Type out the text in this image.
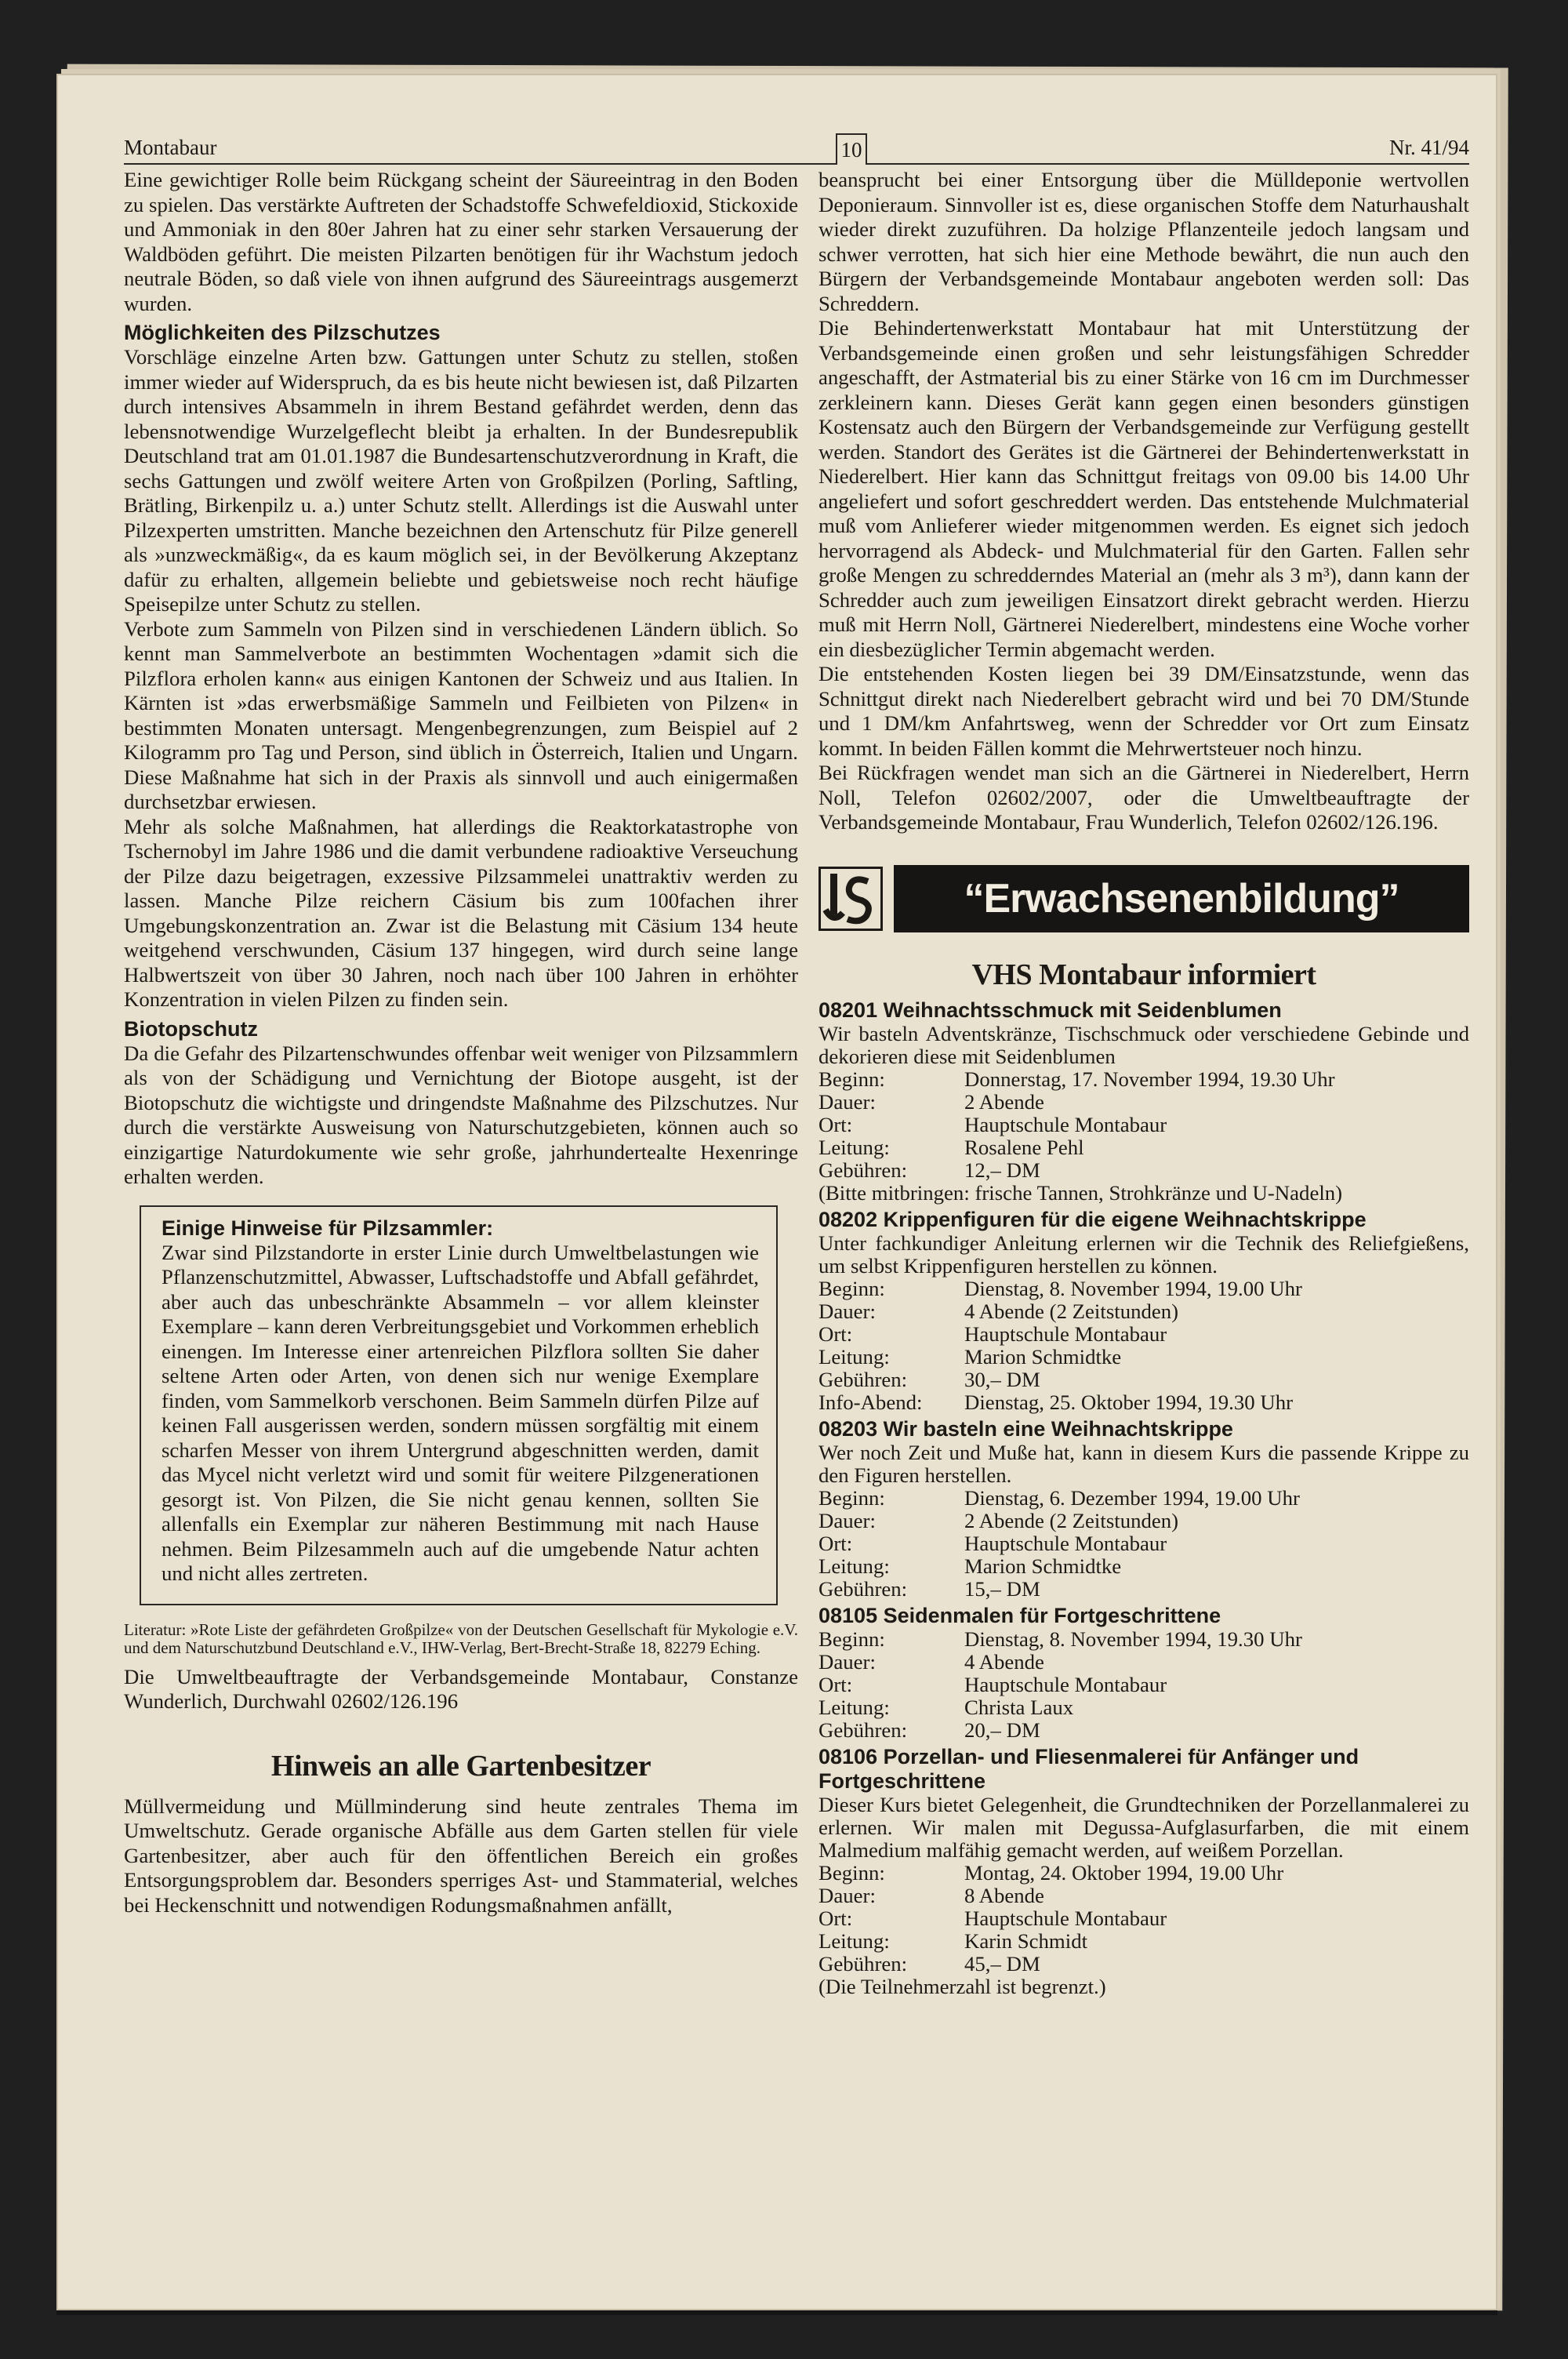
Montabaur	10	Nr. 41/94

Eine gewichtiger Rolle beim Rückgang scheint der Säureeintrag in den Boden zu spielen. Das verstärkte Auftreten der Schadstoffe Schwefeldioxid, Stickoxide und Ammoniak in den 80er Jahren hat zu einer sehr starken Versauerung der Waldböden geführt. Die meisten Pilzarten benötigen für ihr Wachstum jedoch neutrale Böden, so daß viele von ihnen aufgrund des Säureeintrags ausgemerzt wurden.

Möglichkeiten des Pilzschutzes

Vorschläge einzelne Arten bzw. Gattungen unter Schutz zu stellen, stoßen immer wieder auf Widerspruch, da es bis heute nicht bewiesen ist, daß Pilzarten durch intensives Absammeln in ihrem Bestand gefährdet werden, denn das lebensnotwendige Wurzelgeflecht bleibt ja erhalten. In der Bundesrepublik Deutschland trat am 01.01.1987 die Bundesartenschutzverordnung in Kraft, die sechs Gattungen und zwölf weitere Arten von Großpilzen (Porling, Saftling, Brätling, Birkenpilz u. a.) unter Schutz stellt. Allerdings ist die Auswahl unter Pilzexperten umstritten. Manche bezeichnen den Artenschutz für Pilze generell als »unzweckmäßig«, da es kaum möglich sei, in der Bevölkerung Akzeptanz dafür zu erhalten, allgemein beliebte und gebietsweise noch recht häufige Speisepilze unter Schutz zu stellen.

Verbote zum Sammeln von Pilzen sind in verschiedenen Ländern üblich. So kennt man Sammelverbote an bestimmten Wochentagen »damit sich die Pilzflora erholen kann« aus einigen Kantonen der Schweiz und aus Italien. In Kärnten ist »das erwerbsmäßige Sammeln und Feilbieten von Pilzen« in bestimmten Monaten untersagt. Mengenbegrenzungen, zum Beispiel auf 2 Kilogramm pro Tag und Person, sind üblich in Österreich, Italien und Ungarn. Diese Maßnahme hat sich in der Praxis als sinnvoll und auch einigermaßen durchsetzbar erwiesen.

Mehr als solche Maßnahmen, hat allerdings die Reaktorkatastrophe von Tschernobyl im Jahre 1986 und die damit verbundene radioaktive Verseuchung der Pilze dazu beigetragen, exzessive Pilzsammelei unattraktiv werden zu lassen. Manche Pilze reichern Cäsium bis zum 100fachen ihrer Umgebungskonzentration an. Zwar ist die Belastung mit Cäsium 134 heute weitgehend verschwunden, Cäsium 137 hingegen, wird durch seine lange Halbwertszeit von über 30 Jahren, noch nach über 100 Jahren in erhöhter Konzentration in vielen Pilzen zu finden sein.

Biotopschutz

Da die Gefahr des Pilzartenschwundes offenbar weit weniger von Pilzsammlern als von der Schädigung und Vernichtung der Biotope ausgeht, ist der Biotopschutz die wichtigste und dringendste Maßnahme des Pilzschutzes. Nur durch die verstärkte Ausweisung von Naturschutzgebieten, können auch so einzigartige Naturdokumente wie sehr große, jahrhundertealte Hexenringe erhalten werden.

Einige Hinweise für Pilzsammler:

Zwar sind Pilzstandorte in erster Linie durch Umweltbelastungen wie Pflanzenschutzmittel, Abwasser, Luftschadstoffe und Abfall gefährdet, aber auch das unbeschränkte Absammeln – vor allem kleinster Exemplare – kann deren Verbreitungsgebiet und Vorkommen erheblich einengen. Im Interesse einer artenreichen Pilzflora sollten Sie daher seltene Arten oder Arten, von denen sich nur wenige Exemplare finden, vom Sammelkorb verschonen. Beim Sammeln dürfen Pilze auf keinen Fall ausgerissen werden, sondern müssen sorgfältig mit einem scharfen Messer von ihrem Untergrund abgeschnitten werden, damit das Mycel nicht verletzt wird und somit für weitere Pilzgenerationen gesorgt ist. Von Pilzen, die Sie nicht genau kennen, sollten Sie allenfalls ein Exemplar zur näheren Bestimmung mit nach Hause nehmen. Beim Pilzesammeln auch auf die umgebende Natur achten und nicht alles zertreten.

Literatur: »Rote Liste der gefährdeten Großpilze« von der Deutschen Gesellschaft für Mykologie e.V. und dem Naturschutzbund Deutschland e.V., IHW-Verlag, Bert-Brecht-Straße 18, 82279 Eching.

Die Umweltbeauftragte der Verbandsgemeinde Montabaur, Constanze Wunderlich, Durchwahl 02602/126.196

Hinweis an alle Gartenbesitzer

Müllvermeidung und Müllminderung sind heute zentrales Thema im Umweltschutz. Gerade organische Abfälle aus dem Garten stellen für viele Gartenbesitzer, aber auch für den öffentlichen Bereich ein großes Entsorgungsproblem dar. Besonders sperriges Ast- und Stammaterial, welches bei Heckenschnitt und notwendigen Rodungsmaßnahmen anfällt,

beansprucht bei einer Entsorgung über die Mülldeponie wertvollen Deponieraum. Sinnvoller ist es, diese organischen Stoffe dem Naturhaushalt wieder direkt zuzuführen. Da holzige Pflanzenteile jedoch langsam und schwer verrotten, hat sich hier eine Methode bewährt, die nun auch den Bürgern der Verbandsgemeinde Montabaur angeboten werden soll: Das Schreddern.

Die Behindertenwerkstatt Montabaur hat mit Unterstützung der Verbandsgemeinde einen großen und sehr leistungsfähigen Schredder angeschafft, der Astmaterial bis zu einer Stärke von 16 cm im Durchmesser zerkleinern kann. Dieses Gerät kann gegen einen besonders günstigen Kostensatz auch den Bürgern der Verbandsgemeinde zur Verfügung gestellt werden. Standort des Gerätes ist die Gärtnerei der Behindertenwerkstatt in Niederelbert. Hier kann das Schnittgut freitags von 09.00 bis 14.00 Uhr angeliefert und sofort geschreddert werden. Das entstehende Mulchmaterial muß vom Anlieferer wieder mitgenommen werden. Es eignet sich jedoch hervorragend als Abdeck- und Mulchmaterial für den Garten. Fallen sehr große Mengen zu schredderndes Material an (mehr als 3 m³), dann kann der Schredder auch zum jeweiligen Einsatzort direkt gebracht werden. Hierzu muß mit Herrn Noll, Gärtnerei Niederelbert, mindestens eine Woche vorher ein diesbezüglicher Termin abgemacht werden.

Die entstehenden Kosten liegen bei 39 DM/Einsatzstunde, wenn das Schnittgut direkt nach Niederelbert gebracht wird und bei 70 DM/Stunde und 1 DM/km Anfahrtsweg, wenn der Schredder vor Ort zum Einsatz kommt. In beiden Fällen kommt die Mehrwertsteuer noch hinzu.

Bei Rückfragen wendet man sich an die Gärtnerei in Niederelbert, Herrn Noll, Telefon 02602/2007, oder die Umweltbeauftragte der Verbandsgemeinde Montabaur, Frau Wunderlich, Telefon 02602/126.196.

“Erwachsenenbildung”
VHS Montabaur informiert
08201 Weihnachtsschmuck mit Seidenblumen

Wir basteln Adventskränze, Tischschmuck oder verschiedene Gebinde und dekorieren diese mit Seidenblumen

Beginn:	Donnerstag, 17. November 1994, 19.30 Uhr
Dauer:	2 Abende
Ort:	Hauptschule Montabaur
Leitung:	Rosalene Pehl
Gebühren:	12,– DM
(Bitte mitbringen: frische Tannen, Strohkränze und U-Nadeln)
08202 Krippenfiguren für die eigene Weihnachtskrippe

Unter fachkundiger Anleitung erlernen wir die Technik des Reliefgießens, um selbst Krippenfiguren herstellen zu können.

Beginn:	Dienstag, 8. November 1994, 19.00 Uhr
Dauer:	4 Abende (2 Zeitstunden)
Ort:	Hauptschule Montabaur
Leitung:	Marion Schmidtke
Gebühren:	30,– DM
Info-Abend:	Dienstag, 25. Oktober 1994, 19.30 Uhr
08203 Wir basteln eine Weihnachtskrippe

Wer noch Zeit und Muße hat, kann in diesem Kurs die passende Krippe zu den Figuren herstellen.

Beginn:	Dienstag, 6. Dezember 1994, 19.00 Uhr
Dauer:	2 Abende (2 Zeitstunden)
Ort:	Hauptschule Montabaur
Leitung:	Marion Schmidtke
Gebühren:	15,– DM
08105 Seidenmalen für Fortgeschrittene
Beginn:	Dienstag, 8. November 1994, 19.30 Uhr
Dauer:	4 Abende
Ort:	Hauptschule Montabaur
Leitung:	Christa Laux
Gebühren:	20,– DM
08106 Porzellan- und Fliesenmalerei für Anfänger und Fortgeschrittene

Dieser Kurs bietet Gelegenheit, die Grundtechniken der Porzellanmalerei zu erlernen. Wir malen mit Degussa-Aufglasurfarben, die mit einem Malmedium malfähig gemacht werden, auf weißem Porzellan.

Beginn:	Montag, 24. Oktober 1994, 19.00 Uhr
Dauer:	8 Abende
Ort:	Hauptschule Montabaur
Leitung:	Karin Schmidt
Gebühren:	45,– DM
(Die Teilnehmerzahl ist begrenzt.)
